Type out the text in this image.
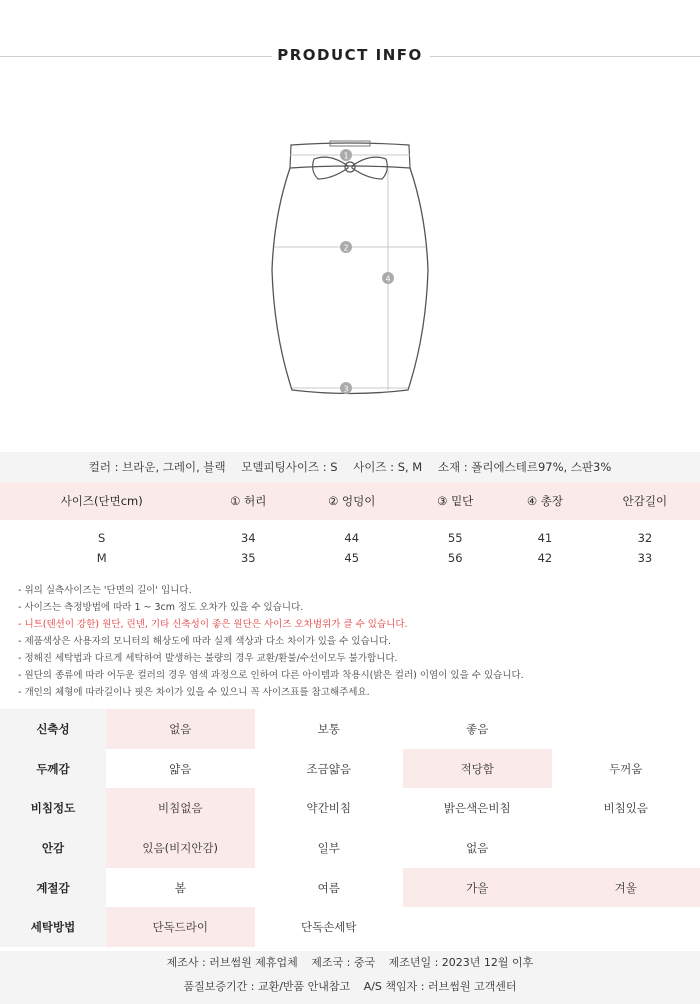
PRODUCT INFO
1
2
3
4
컬러 : 브라운, 그레이, 블랙 모델피팅사이즈 : S 사이즈 : S, M 소재 : 폴리에스테르97%, 스판3%
사이즈(단면cm)	① 허리	② 엉덩이	③ 밑단	④ 총장	안감길이
S	34	44	55	41	32
M	35	45	56	42	33
- 위의 실측사이즈는 '단면의 길이' 입니다.
- 사이즈는 측정방법에 따라 1 ~ 3cm 정도 오차가 있을 수 있습니다.
- 니트(텐션이 강한) 원단, 린넨, 기타 신축성이 좋은 원단은 사이즈 오차범위가 클 수 있습니다.
- 제품색상은 사용자의 모니터의 해상도에 따라 실제 색상과 다소 차이가 있을 수 있습니다.
- 정해진 세탁법과 다르게 세탁하여 발생하는 불량의 경우 교환/환불/수선이모두 불가합니다.
- 원단의 종류에 따라 어두운 컬러의 경우 염색 과정으로 인하여 다른 아이템과 착용시(밝은 컬러) 이염이 있을 수 있습니다.
- 개인의 체형에 따라길이나 핏은 차이가 있을 수 있으니 꼭 사이즈표를 참고해주세요.
신축성	없음	보통	좋음	
두께감	얇음	조금얇음	적당함	두꺼움
비침정도	비침없음	약간비침	밝은색은비침	비침있음
안감	있음(비지안감)	일부	없음	
계절감	봄	여름	가을	겨울
세탁방법	단독드라이	단독손세탁		
제조사 : 러브썸원 제휴업체 제조국 : 중국 제조년일 : 2023년 12월 이후
품질보증기간 : 교환/반품 안내참고 A/S 책임자 : 러브썸원 고객센터
